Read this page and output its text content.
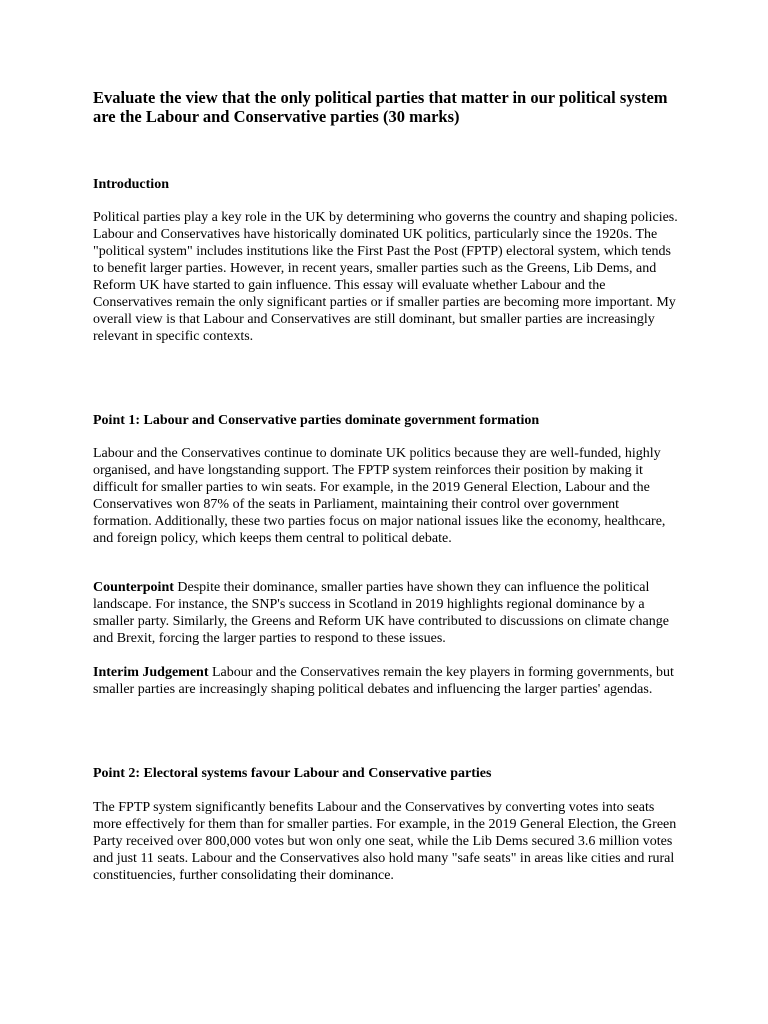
Evaluate the view that the only political parties that matter in our political system are the Labour and Conservative parties (30 marks)
Introduction

Political parties play a key role in the UK by determining who governs the country and shaping policies. Labour and Conservatives have historically dominated UK politics, particularly since the 1920s. The "political system" includes institutions like the First Past the Post (FPTP) electoral system, which tends to benefit larger parties. However, in recent years, smaller parties such as the Greens, Lib Dems, and Reform UK have started to gain influence. This essay will evaluate whether Labour and the Conservatives remain the only significant parties or if smaller parties are becoming more important. My overall view is that Labour and Conservatives are still dominant, but smaller parties are increasingly relevant in specific contexts.

Point 1: Labour and Conservative parties dominate government formation

Labour and the Conservatives continue to dominate UK politics because they are well-funded, highly organised, and have longstanding support. The FPTP system reinforces their position by making it difficult for smaller parties to win seats. For example, in the 2019 General Election, Labour and the Conservatives won 87% of the seats in Parliament, maintaining their control over government formation. Additionally, these two parties focus on major national issues like the economy, healthcare, and foreign policy, which keeps them central to political debate.

Counterpoint Despite their dominance, smaller parties have shown they can influence the political landscape. For instance, the SNP's success in Scotland in 2019 highlights regional dominance by a smaller party. Similarly, the Greens and Reform UK have contributed to discussions on climate change and Brexit, forcing the larger parties to respond to these issues.

Interim Judgement Labour and the Conservatives remain the key players in forming governments, but smaller parties are increasingly shaping political debates and influencing the larger parties' agendas.

Point 2: Electoral systems favour Labour and Conservative parties

The FPTP system significantly benefits Labour and the Conservatives by converting votes into seats more effectively for them than for smaller parties. For example, in the 2019 General Election, the Green Party received over 800,000 votes but won only one seat, while the Lib Dems secured 3.6 million votes and just 11 seats. Labour and the Conservatives also hold many "safe seats" in areas like cities and rural constituencies, further consolidating their dominance.
